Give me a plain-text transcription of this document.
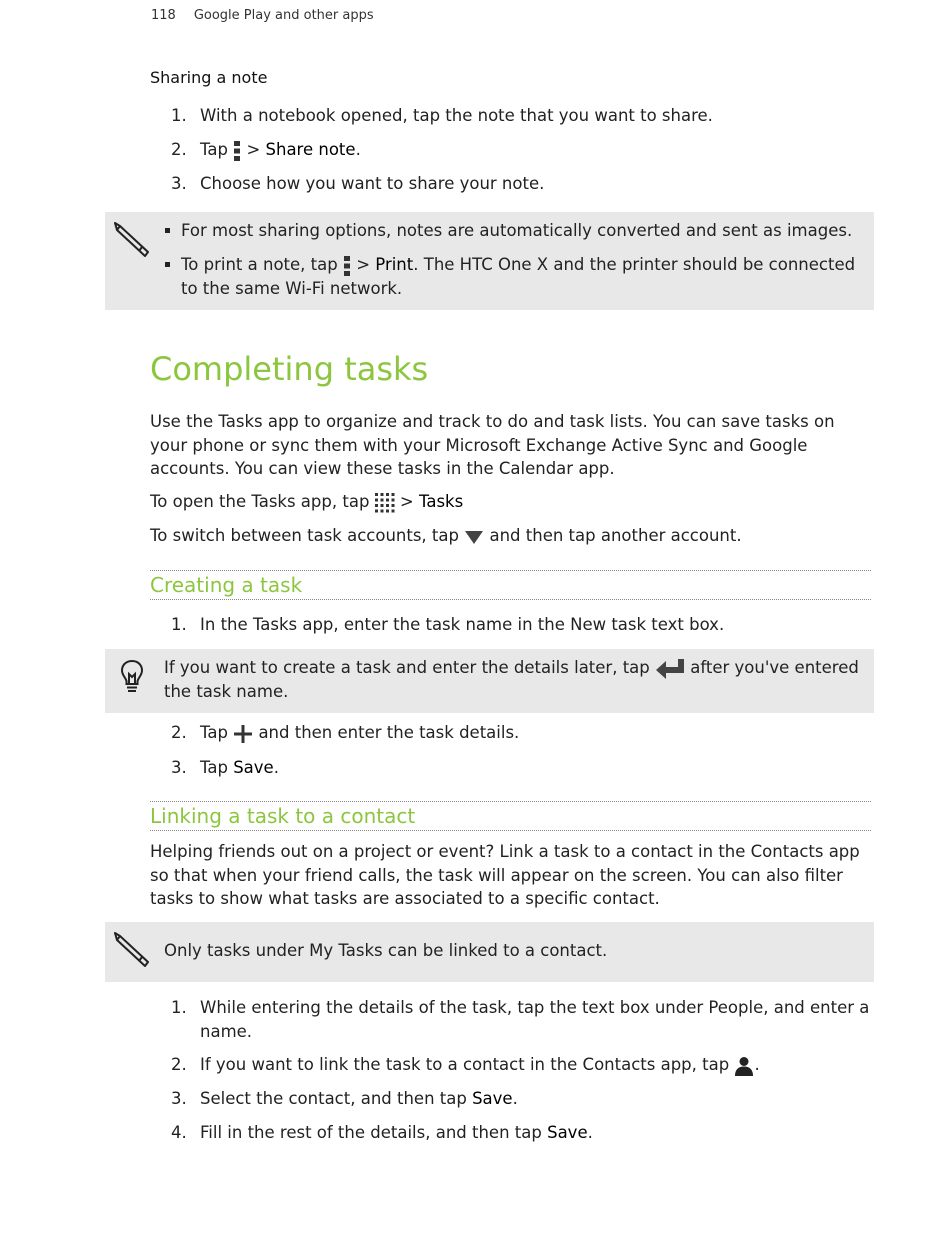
118 Google Play and other apps
Sharing a note
1. With a notebook opened, tap the note that you want to share.
2. Tap > Share note.
3. Choose how you want to share your note.
For most sharing options, notes are automatically converted and sent as images.
To print a note, tap > Print. The HTC One X and the printer should be connected
to the same Wi-Fi network.
Completing tasks
Use the Tasks app to organize and track to do and task lists. You can save tasks on your phone or sync them with your Microsoft Exchange Active Sync and Google accounts. You can view these tasks in the Calendar app.
To open the Tasks app, tap > Tasks
To switch between task accounts, tap and then tap another account.
Creating a task
1. In the Tasks app, enter the task name in the New task text box.
If you want to create a task and enter the details later, tap after you've entered
the task name.
2. Tap and then enter the task details.
3. Tap Save.
Linking a task to a contact
Helping friends out on a project or event? Link a task to a contact in the Contacts app so that when your friend calls, the task will appear on the screen. You can also filter tasks to show what tasks are associated to a specific contact.
Only tasks under My Tasks can be linked to a contact.
1. While entering the details of the task, tap the text box under People, and enter a
name.
2. If you want to link the task to a contact in the Contacts app, tap .
3. Select the contact, and then tap Save.
4. Fill in the rest of the details, and then tap Save.
